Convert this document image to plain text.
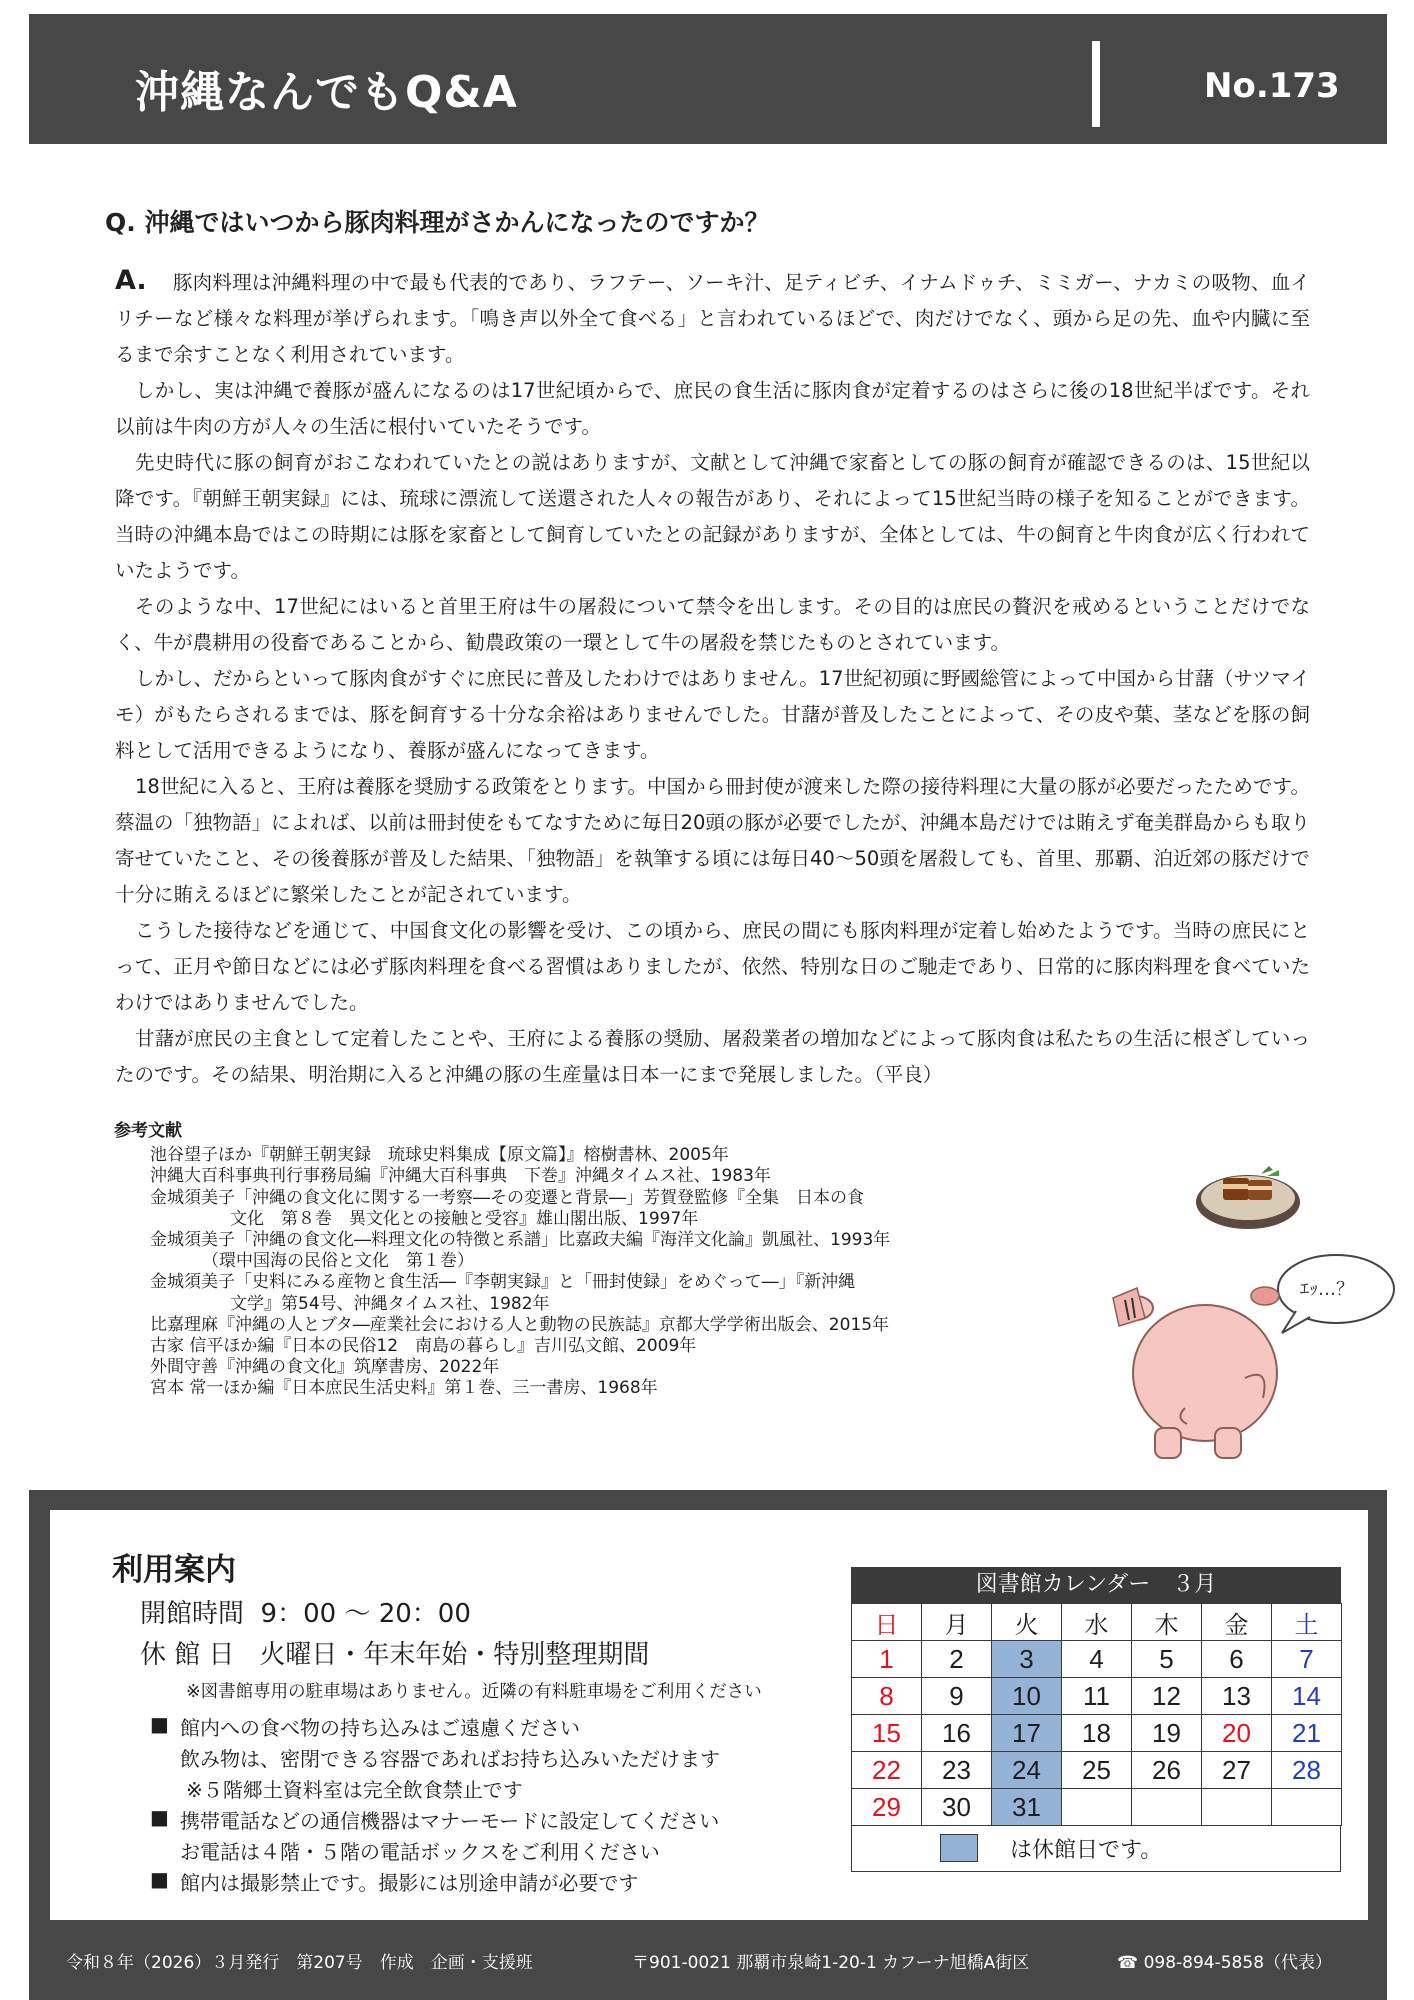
沖縄なんでもQ&A	No.173
Q. 沖縄ではいつから豚肉料理がさかんになったのですか？

A. 豚肉料理は沖縄料理の中で最も代表的であり、ラフテー、ソーキ汁、足ティビチ、イナムドゥチ、ミミガー、ナカミの吸物、血イリチーなど様々な料理が挙げられます。「鳴き声以外全て食べる」と言われているほどで、肉だけでなく、頭から足の先、血や内臓に至るまで余すことなく利用されています。

しかし、実は沖縄で養豚が盛んになるのは17世紀頃からで、庶民の食生活に豚肉食が定着するのはさらに後の18世紀半ばです。それ以前は牛肉の方が人々の生活に根付いていたそうです。

先史時代に豚の飼育がおこなわれていたとの説はありますが、文献として沖縄で家畜としての豚の飼育が確認できるのは、15世紀以降です。『朝鮮王朝実録』には、琉球に漂流して送還された人々の報告があり、それによって15世紀当時の様子を知ることができます。当時の沖縄本島ではこの時期には豚を家畜として飼育していたとの記録がありますが、全体としては、牛の飼育と牛肉食が広く行われていたようです。

そのような中、17世紀にはいると首里王府は牛の屠殺について禁令を出します。その目的は庶民の贅沢を戒めるということだけでなく、牛が農耕用の役畜であることから、勧農政策の一環として牛の屠殺を禁じたものとされています。

しかし、だからといって豚肉食がすぐに庶民に普及したわけではありません。17世紀初頭に野國総管によって中国から甘藷（サツマイモ）がもたらされるまでは、豚を飼育する十分な余裕はありませんでした。甘藷が普及したことによって、その皮や葉、茎などを豚の飼料として活用できるようになり、養豚が盛んになってきます。

18世紀に入ると、王府は養豚を奨励する政策をとります。中国から冊封使が渡来した際の接待料理に大量の豚が必要だったためです。蔡温の「独物語」によれば、以前は冊封使をもてなすために毎日20頭の豚が必要でしたが、沖縄本島だけでは賄えず奄美群島からも取り寄せていたこと、その後養豚が普及した結果、「独物語」を執筆する頃には毎日40～50頭を屠殺しても、首里、那覇、泊近郊の豚だけで十分に賄えるほどに繁栄したことが記されています。

こうした接待などを通じて、中国食文化の影響を受け、この頃から、庶民の間にも豚肉料理が定着し始めたようです。当時の庶民にとって、正月や節日などには必ず豚肉料理を食べる習慣はありましたが、依然、特別な日のご馳走であり、日常的に豚肉料理を食べていたわけではありませんでした。

甘藷が庶民の主食として定着したことや、王府による養豚の奨励、屠殺業者の増加などによって豚肉食は私たちの生活に根ざしていったのです。その結果、明治期に入ると沖縄の豚の生産量は日本一にまで発展しました。（平良）

参考文献
池谷望子ほか『朝鮮王朝実録　琉球史料集成【原文篇】』榕樹書林、2005年
沖縄大百科事典刊行事務局編『沖縄大百科事典　下巻』沖縄タイムス社、1983年
金城須美子「沖縄の食文化に関する一考察―その変遷と背景―」芳賀登監修『全集　日本の食
文化　第８巻　異文化との接触と受容』雄山閣出版、1997年
金城須美子「沖縄の食文化―料理文化の特徴と系譜」比嘉政夫編『海洋文化論』凱風社、1993年
（環中国海の民俗と文化　第１巻）
金城須美子「史料にみる産物と食生活―『李朝実録』と「冊封使録」をめぐって―」『新沖縄
文学』第54号、沖縄タイムス社、1982年
比嘉理麻『沖縄の人とブタ―産業社会における人と動物の民族誌』京都大学学術出版会、2015年
古家 信平ほか編『日本の民俗12　南島の暮らし』吉川弘文館、2009年
外間守善『沖縄の食文化』筑摩書房、2022年
宮本 常一ほか編『日本庶民生活史料』第１巻、三一書房、1968年
ｴｯ…？
利用案内
開館時間 9：00 ～ 20：00
休 館 日 火曜日・年末年始・特別整理期間
※図書館専用の駐車場はありません。近隣の有料駐車場をご利用ください
■ 館内への食べ物の持ち込みはご遠慮ください
飲み物は、密閉できる容器であればお持ち込みいただけます
※５階郷土資料室は完全飲食禁止です
■ 携帯電話などの通信機器はマナーモードに設定してください
お電話は４階・５階の電話ボックスをご利用ください
■ 館内は撮影禁止です。撮影には別途申請が必要です
図書館カレンダー　３月
日	月	火	水	木	金	土
1	2	3	4	5	6	7
8	9	10	11	12	13	14
15	16	17	18	19	20	21
22	23	24	25	26	27	28
29	30	31				
は休館日です。
令和８年（2026）３月発行　第207号　作成　企画・支援班	〒901-0021 那覇市泉崎1-20-1 カフーナ旭橋A街区	☎ 098-894-5858（代表）
